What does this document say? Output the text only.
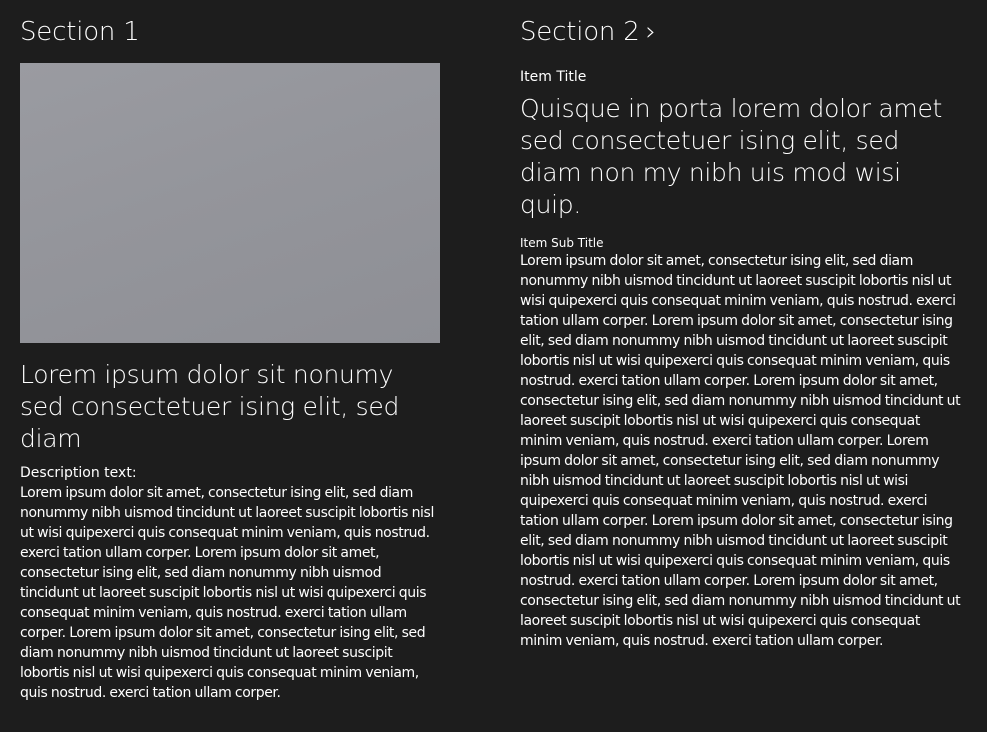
Section 1
Lorem ipsum dolor sit nonumy sed consectetuer ising elit, sed diam
Description text:
Lorem ipsum dolor sit amet, consectetur ising elit, sed diam nonummy nibh uismod tincidunt ut laoreet suscipit lobortis nisl ut wisi quipexerci quis consequat minim veniam, quis nostrud. exerci tation ullam corper. Lorem ipsum dolor sit amet, consectetur ising elit, sed diam nonummy nibh uismod tincidunt ut laoreet suscipit lobortis nisl ut wisi quipexerci quis consequat minim veniam, quis nostrud. exerci tation ullam corper. Lorem ipsum dolor sit amet, consectetur ising elit, sed diam nonummy nibh uismod tincidunt ut laoreet suscipit lobortis nisl ut wisi quipexerci quis consequat minim veniam, quis nostrud. exerci tation ullam corper.
Section 2 ›
Item Title
Quisque in porta lorem dolor amet sed consectetuer ising elit, sed diam non my nibh uis mod wisi quip.
Item Sub Title
Lorem ipsum dolor sit amet, consectetur ising elit, sed diam nonummy nibh uismod tincidunt ut laoreet suscipit lobortis nisl ut wisi quipexerci quis consequat minim veniam, quis nostrud. exerci tation ullam corper. Lorem ipsum dolor sit amet, consectetur ising elit, sed diam nonummy nibh uismod tincidunt ut laoreet suscipit lobortis nisl ut wisi quipexerci quis consequat minim veniam, quis nostrud. exerci tation ullam corper. Lorem ipsum dolor sit amet, consectetur ising elit, sed diam nonummy nibh uismod tincidunt ut laoreet suscipit lobortis nisl ut wisi quipexerci quis consequat minim veniam, quis nostrud. exerci tation ullam corper. Lorem ipsum dolor sit amet, consectetur ising elit, sed diam nonummy nibh uismod tincidunt ut laoreet suscipit lobortis nisl ut wisi quipexerci quis consequat minim veniam, quis nostrud. exerci tation ullam corper. Lorem ipsum dolor sit amet, consectetur ising elit, sed diam nonummy nibh uismod tincidunt ut laoreet suscipit lobortis nisl ut wisi quipexerci quis consequat minim veniam, quis nostrud. exerci tation ullam corper. Lorem ipsum dolor sit amet, consectetur ising elit, sed diam nonummy nibh uismod tincidunt ut laoreet suscipit lobortis nisl ut wisi quipexerci quis consequat minim veniam, quis nostrud. exerci tation ullam corper.
